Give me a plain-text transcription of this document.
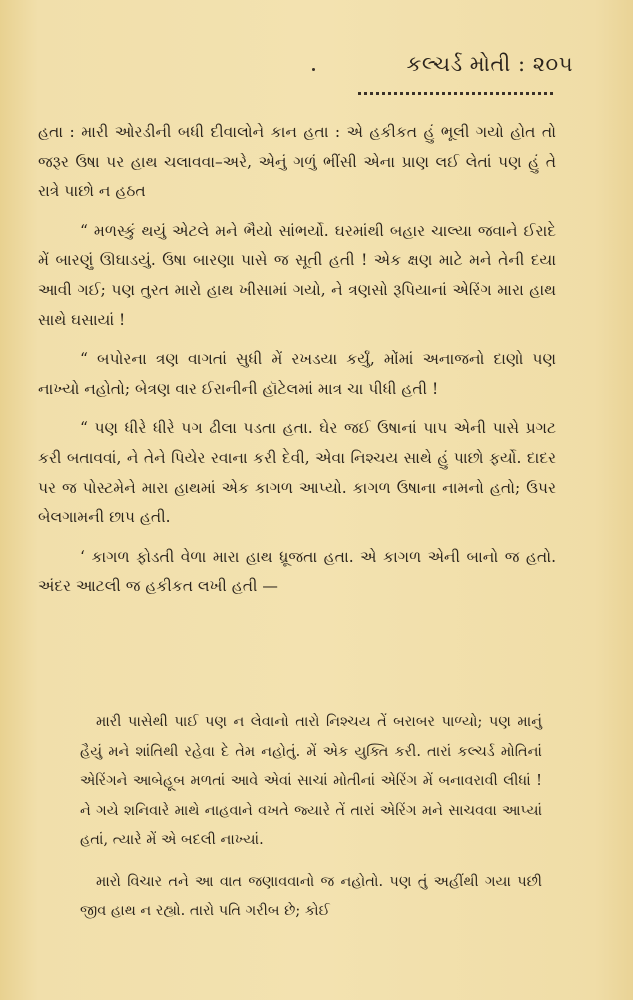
કલ્ચર્ડ મોતી : ૨૦૫

હતા : મારી ઓરડીની બધી દીવાલોને કાન હતા : એ હકીકત હું ભૂલી ગયો હોત તો જરૂર ઉષા પર હાથ ચલાવવા–અરે, એનું ગળું ભીંસી એના પ્રાણ લઈ લેતાં પણ હું તે રાત્રે પાછો ન હઠત

“ મળસ્કું થયું એટલે મને ભૈયો સાંભર્યો. ઘરમાંથી બહાર ચાલ્યા જવાને ઈરાદે મેં બારણું ઊઘાડયું. ઉષા બારણા પાસે જ સૂતી હતી ! એક ક્ષણ માટે મને તેની દયા આવી ગઈ; પણ તુરત મારો હાથ ખીસામાં ગયો, ને ત્રણસો રૂપિયાનાં એરિંગ મારા હાથ સાથે ઘસાયાં !

“ બપોરના ત્રણ વાગતાં સુધી મેં રખડયા કર્યું, મોંમાં અનાજનો દાણો પણ નાખ્યો નહોતો; બેત્રણ વાર ઈરાનીની હૉટેલમાં માત્ર ચા પીધી હતી !

“ પણ ધીરે ધીરે પગ ઢીલા પડતા હતા. ઘેર જઈ ઉષાનાં પાપ એની પાસે પ્રગટ કરી બતાવવાં, ને તેને પિયેર રવાના કરી દેવી, એવા નિશ્ચય સાથે હું પાછો ફર્યો. દાદર પર જ પોસ્ટમેને મારા હાથમાં એક કાગળ આપ્યો. કાગળ ઉષાના નામનો હતો; ઉપર બેલગામની છાપ હતી.

‘ કાગળ ફોડતી વેળા મારા હાથ ધ્રૂજતા હતા. એ કાગળ એની બાનો જ હતો. અંદર આટલી જ હકીકત લખી હતી —

મારી પાસેથી પાઈ પણ ન લેવાનો તારો નિશ્ચય તેં બરાબર પાળ્યો; પણ માનું હૈયું મને શાંતિથી રહેવા દે તેમ નહોતું. મેં એક યુક્તિ કરી. તારાં કલ્ચર્ડ મોતિનાં એરિંગને આબેહૂબ મળતાં આવે એવાં સાચાં મોતીનાં એરિંગ મેં બનાવરાવી લીધાં ! ને ગયે શનિવારે માથે નાહવાને વખતે જ્યારે તેં તારાં એરિંગ મને સાચવવા આપ્યાં હતાં, ત્યારે મેં એ બદલી નાખ્યાં.

મારો વિચાર તને આ વાત જણાવવાનો જ નહોતો. પણ તું અહીંથી ગયા પછી જીવ હાથ ન રહ્યો. તારો પતિ ગરીબ છે; કોઈ
